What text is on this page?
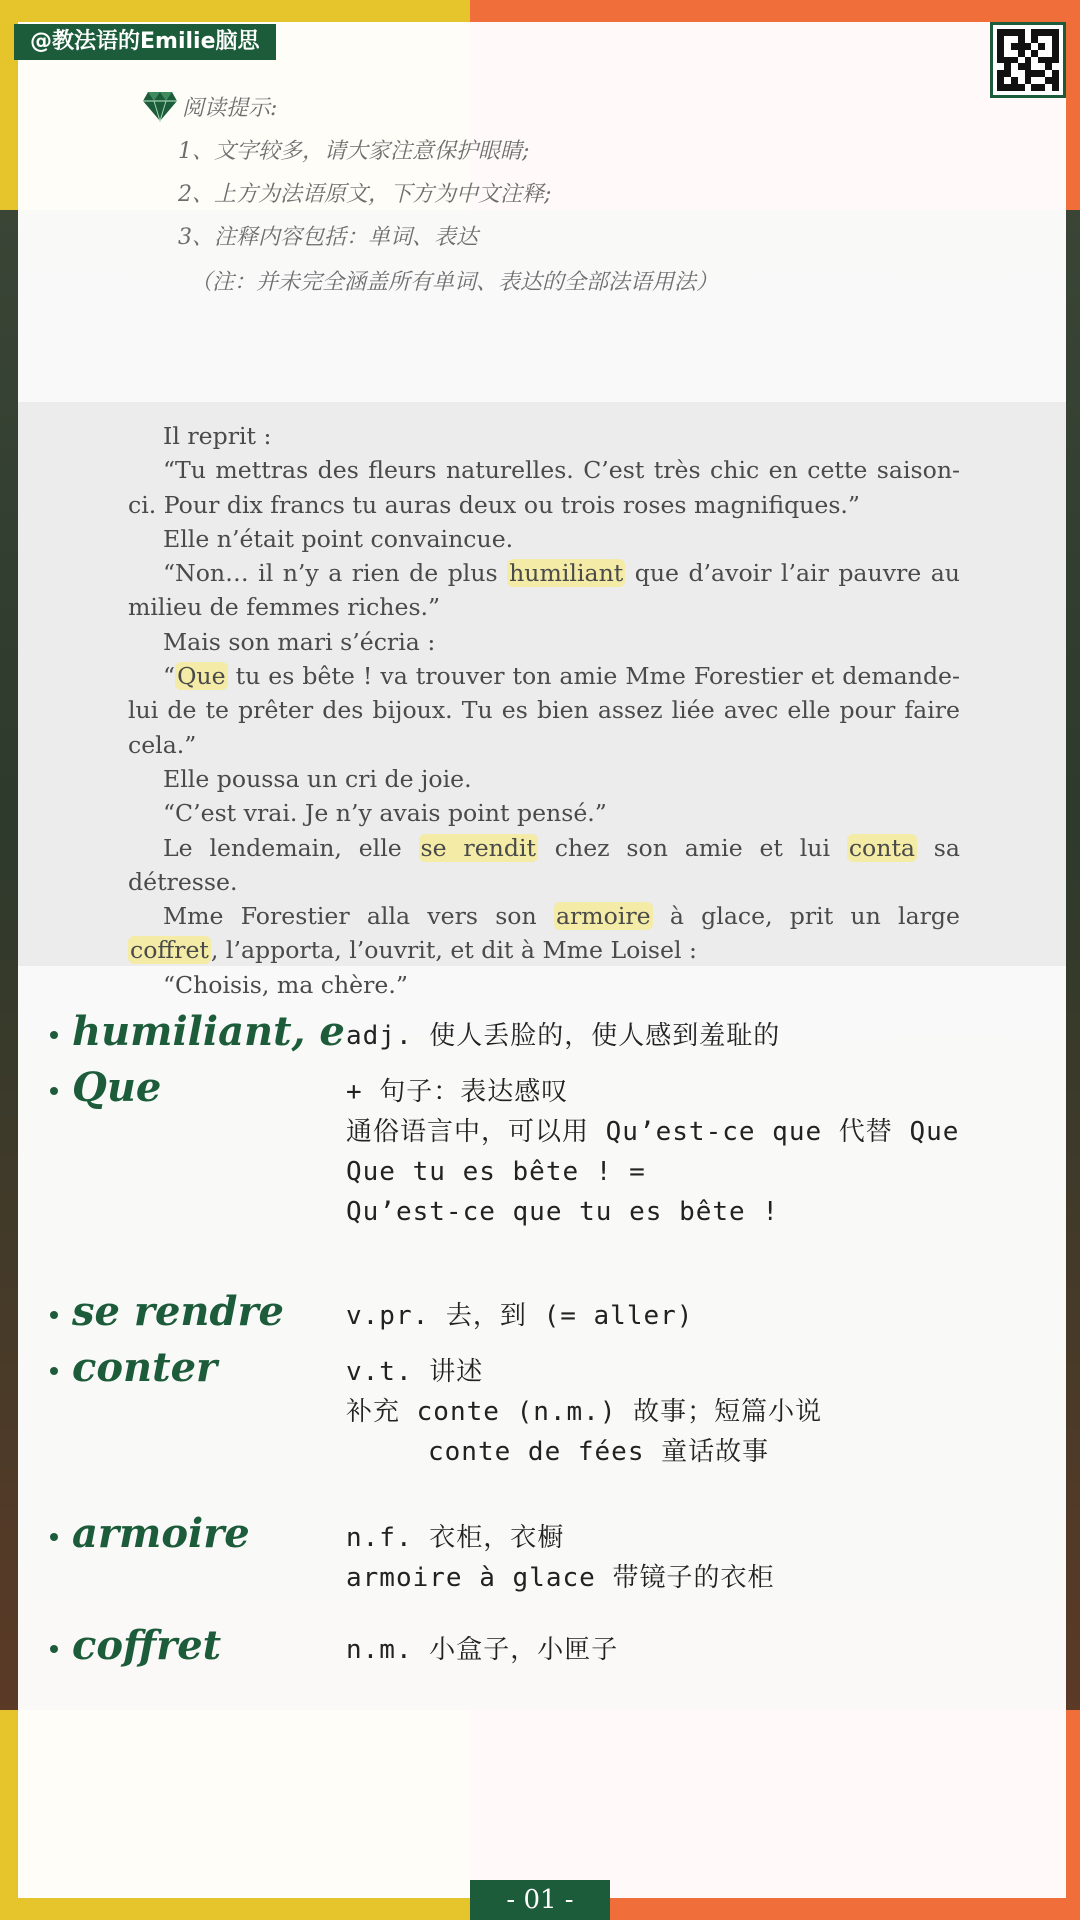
@教法语的Emilie脑思
阅读提示:
1、文字较多，请大家注意保护眼睛;
2、上方为法语原文，下方为中文注释;
3、注释内容包括：单词、表达
（注：并未完全涵盖所有单词、表达的全部法语用法）

Il reprit :

“Tu mettras des fleurs naturelles. C’est très chic en cette saison-ci. Pour dix francs tu auras deux ou trois roses magnifiques.”

Elle n’était point convaincue.

“Non… il n’y a rien de plus humiliant que d’avoir l’air pauvre au milieu de femmes riches.”

Mais son mari s’écria :

“Que tu es bête ! va trouver ton amie Mme Forestier et demande-lui de te prêter des bijoux. Tu es bien assez liée avec elle pour faire cela.”

Elle poussa un cri de joie.

“C’est vrai. Je n’y avais point pensé.”

Le lendemain, elle se rendit chez son amie et lui conta sa détresse.

Mme Forestier alla vers son armoire à glace, prit un large coffret, l’apporta, l’ouvrit, et dit à Mme Loisel :

“Choisis, ma chère.”

humiliant, e adj. 使人丢脸的，使人感到羞耻的
Que	+ 句子：表达感叹
通俗语言中，可以用 Qu’est-ce que 代替 Que
Que tu es bête ! =
Qu’est-ce que tu es bête !
se rendre v.pr. 去，到 (= aller)
conter	v.t. 讲述
补充 conte (n.m.) 故事；短篇小说
conte de fées 童话故事
armoire	n.f. 衣柜，衣橱
armoire à glace 带镜子的衣柜
coffret	n.m. 小盒子，小匣子
- 01 -
